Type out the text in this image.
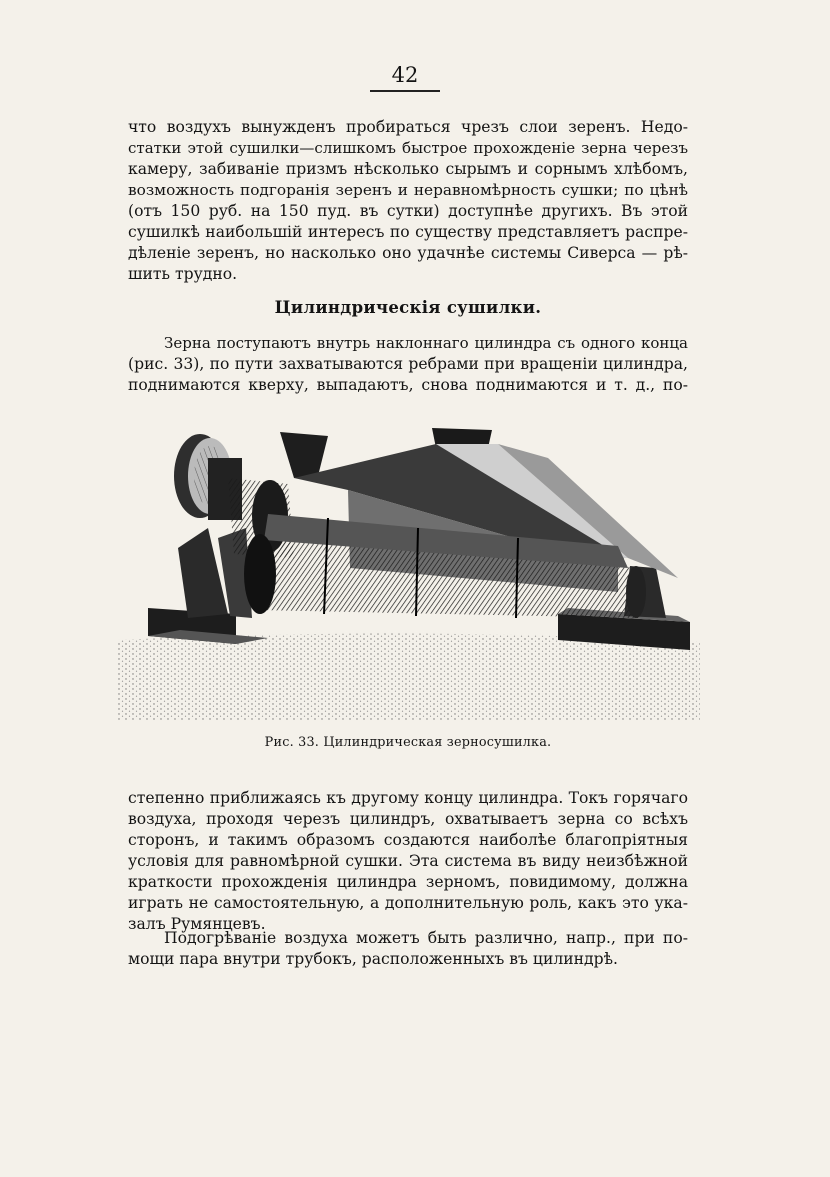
42

что воздухъ вынужденъ пробираться чрезъ слои зеренъ. Недо-
статки этой сушилки—слишкомъ быстрое прохожденіе зерна черезъ
камеру, забиваніе призмъ нѣсколько сырымъ и сорнымъ хлѣбомъ,
возможность подгоранія зеренъ и неравномѣрность сушки; по цѣнѣ
(отъ 150 руб. на 150 пуд. въ сутки) доступнѣе другихъ. Въ этой
сушилкѣ наибольшій интересъ по существу представляетъ распре-
дѣленіе зеренъ, но насколько оно удачнѣе системы Сиверса — рѣ-
шить трудно.

Цилиндрическія сушилки.

Зерна поступаютъ внутрь наклоннаго цилиндра съ одного конца
(рис. 33), по пути захватываются ребрами при вращеніи цилиндра,
поднимаются кверху, выпадаютъ, снова поднимаются и т. д., по-

Рис. 33. Цилиндрическая зерносушилка.

степенно приближаясь къ другому концу цилиндра. Токъ горячаго
воздуха, проходя черезъ цилиндръ, охватываетъ зерна со всѣхъ
сторонъ, и такимъ образомъ создаются наиболѣе благопріятныя
условія для равномѣрной сушки. Эта система въ виду неизбѣжной
краткости прохожденія цилиндра зерномъ, повидимому, должна
играть не самостоятельную, а дополнительную роль, какъ это ука-
залъ Румянцевъ.

Подогрѣваніе воздуха можетъ быть различно, напр., при по-
мощи пара внутри трубокъ, расположенныхъ въ цилиндрѣ.
